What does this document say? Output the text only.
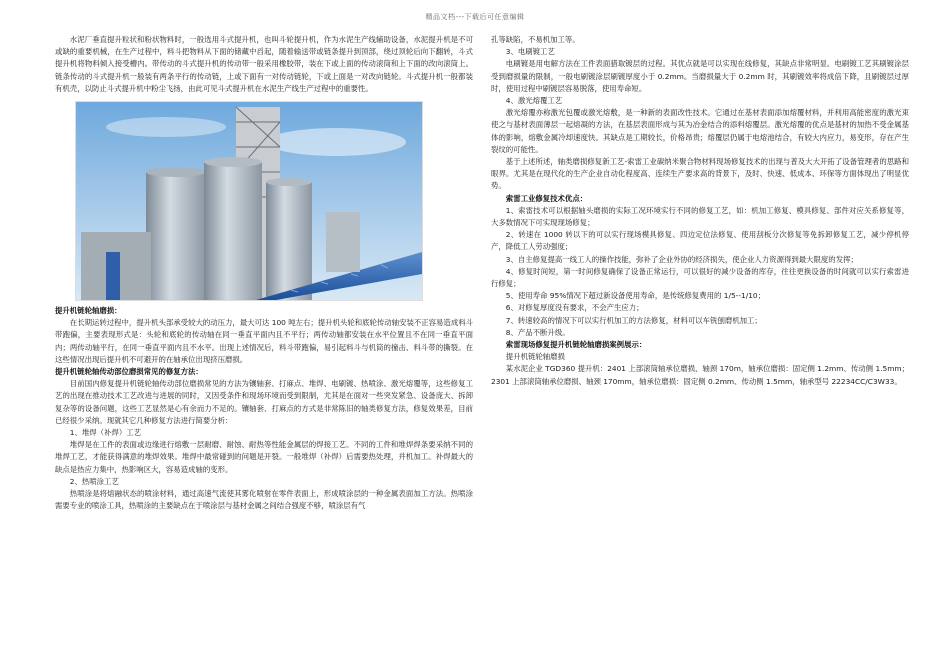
精品文档---下载后可任意编辑

水泥厂垂直提升粒状和粉状物料时，一般选用斗式提升机，也叫斗轮提升机，作为水泥生产线辅助设备，水泥提升机是不可或缺的重要机械，在生产过程中，料斗把物料从下面的储藏中舀起，随着输送带或链条提升到顶部，绕过顶轮后向下翻转，斗式提升机将物料倾入接受槽内。带传动的斗式提升机的传动带一般采用橡胶带，装在下或上面的传动滚筒和上下面的改向滚筒上。链条传动的斗式提升机一般装有两条平行的传动链，上或下面有一对传动链轮，下或上面是一对改向链轮。斗式提升机一般都装有机壳，以防止斗式提升机中粉尘飞扬，由此可见斗式提升机在水泥生产线生产过程中的重要性。

提升机链轮轴磨损：

在长期运转过程中，提升机头部承受较大的动压力，最大可达 100 吨左右；提升机头轮和底轮传动轴安装不正容易造成料斗带跑偏，主要表现形式是：头轮和底轮的传动轴在同一垂直平面内且不平行；两传动轴都安装在水平位置且不在同一垂直平面内；两传动轴平行，在同一垂直平面内且不水平。出现上述情况后，料斗带跑偏，易引起料斗与机筒的撞击、料斗带的撕裂。在这些情况出现后提升机不可避开的在轴承位出现挤压磨损。

提升机链轮轴传动部位磨损常见的修复方法：

目前国内修复提升机链轮轴传动部位磨损常见的方法为镶轴套、打麻点、堆焊、电刷镀、热喷涂、激光熔覆等，这些修复工艺的出现在推动技术工艺改进与进展的同时，又因受条件和现场环境而受到限制，尤其是在面对一些突发紧急、设备庞大、拆卸复杂等的设备问题，这些工艺显然是心有余而力不足的。镶轴套、打麻点的方式是非常陈旧的轴类修复方法，修复效果差，目前已经很少采纳。现就其它几种修复方法进行简要分析：

1、堆焊（补焊）工艺

堆焊是在工件的表面或边缘进行熔敷一层耐磨、耐蚀、耐热等性能金属层的焊接工艺。不同的工件和堆焊焊条要采纳不同的堆焊工艺，才能获得满意的堆焊效果。堆焊中最常碰到的问题是开裂。一般堆焊（补焊）后需要热处理，并机加工。补焊最大的缺点是热应力集中，热影响区大，容易造成轴的变形。

2、热喷涂工艺

热喷涂是将熔融状态的喷涂材料，通过高速气流使其雾化喷射在零件表面上，形成喷涂层的一种金属表面加工方法。热喷涂需要专业的喷涂工具，热喷涂的主要缺点在于喷涂层与基材金属之间结合强度不够，喷涂层有气

孔等缺陷，不易机加工等。

3、电刷镀工艺

电刷镀是用电解方法在工件表面猎取镀层的过程。其优点就是可以实现在线修复，其缺点非常明显。电刷镀工艺其刷镀涂层受到磨损量的限制，一般电刷镀涂层刷镀厚度小于 0.2mm。当磨损量大于 0.2mm 时，其刷镀效率将成倍下降，且刷镀层过厚时，使用过程中刷镀层容易脱落，使用寿命短。

4、激光熔覆工艺

激光熔覆亦称激光包覆或激光熔敷，是一种新的表面改性技术。它通过在基材表面添加熔覆材料，并利用高能密度的激光束使之与基材表面薄层一起熔凝的方法，在基层表面形成与其为冶金结合的添料熔覆层。激光熔覆的优点是基材的加热不受金属基体的影响，熔敷金属冷却速度快。其缺点是工期较长，价格昂贵；熔覆层仍属于电熔池结合，有较大内应力，易变形，存在产生裂纹的可能性。

基于上述所述，轴类磨损修复新工艺-索雷工业碳纳米聚合物材料现场修复技术的出现与普及大大开拓了设备管理者的思路和眼界。尤其是在现代化的生产企业自动化程度高、连续生产要求高的背景下，及时、快速、低成本、环保等方面体现出了明显优势。

索雷工业修复技术优点：

1、索雷技术可以根据轴头磨损的实际工况环境实行不同的修复工艺，如：机加工修复、模具修复、部件对应关系修复等，大多数情况下可实现现场修复；

2、转速在 1000 转以下的可以实行现场模具修复、四边定位法修复、使用刮板分次修复等免拆卸修复工艺，减少停机停产，降低工人劳动强度；

3、自主修复提高一线工人的操作技能，弥补了企业外协的经济损失，使企业人力资源得到最大限度的发挥；

4、修复时间短，第一时间修复确保了设备正常运行，可以很好的减少设备的库存，往往更换设备的时间就可以实行索雷进行修复；

5、使用寿命 95%情况下超过新设备使用寿命，是传统修复费用的 1/5--1/10；

6、对修复厚度没有要求，不会产生应力；

7、转速较高的情况下可以实行机加工的方法修复，材料可以车铣刨磨机加工；

8、产品不断升级。

索雷现场修复提升机链轮轴磨损案例展示：

提升机链轮轴磨损

某水泥企业 TGD360 提升机：2401 上部滚筒轴承位磨损、轴颈 170m，轴承位磨损：固定侧 1.2mm、传动侧 1.5mm；2301 上部滚筒轴承位磨损、轴颈 170mm，轴承位磨损：固定侧 0.2mm、传动侧 1.5mm，轴承型号 22234CC/C3W33。
